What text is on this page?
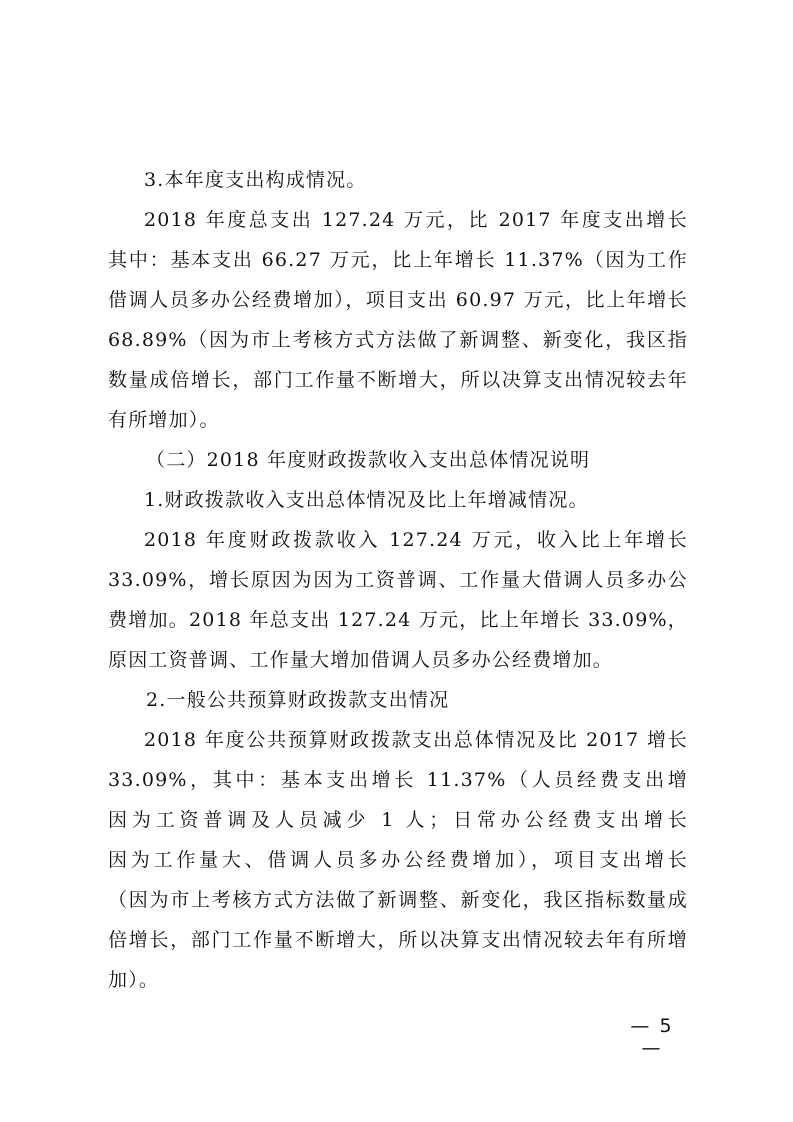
3.本年度支出构成情况。
2018 年度总支出 127.24 万元，比 2017 年度支出增长
其中：基本支出 66.27 万元，比上年增长 11.37%（因为工作
借调人员多办公经费增加），项目支出 60.97 万元，比上年增长
68.89%（因为市上考核方式方法做了新调整、新变化，我区指
数量成倍增长，部门工作量不断增大，所以决算支出情况较去年
有所增加）。
（二）2018 年度财政拨款收入支出总体情况说明
1.财政拨款收入支出总体情况及比上年增减情况。
2018 年度财政拨款收入 127.24 万元，收入比上年增长
33.09%，增长原因为因为工资普调、工作量大借调人员多办公
费增加。2018 年总支出 127.24 万元，比上年增长 33.09%，
原因工资普调、工作量大增加借调人员多办公经费增加。
2.一般公共预算财政拨款支出情况
2018 年度公共预算财政拨款支出总体情况及比 2017 增长
33.09%，其中：基本支出增长 11.37%（人员经费支出增
因为工资普调及人员减少 1 人；日常办公经费支出增长
因为工作量大、借调人员多办公经费增加），项目支出增长
（因为市上考核方式方法做了新调整、新变化，我区指标数量成
倍增长，部门工作量不断增大，所以决算支出情况较去年有所增
加）。
— 5 —
